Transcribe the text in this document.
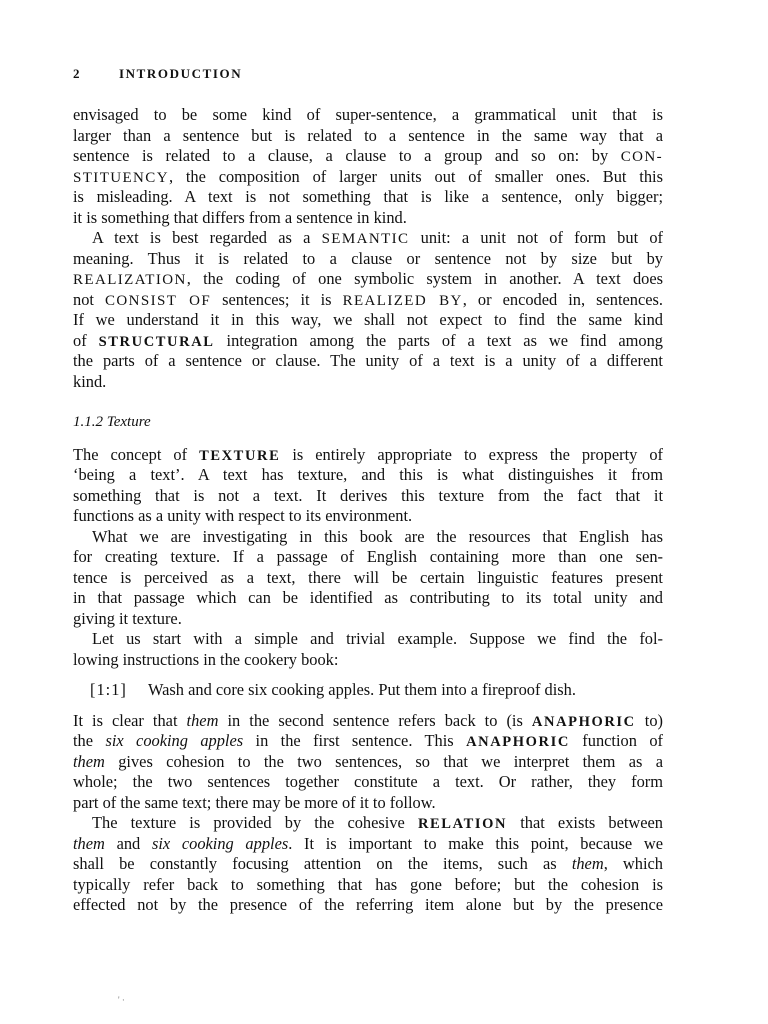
2	INTRODUCTION
envisaged to be some kind of super-sentence, a grammatical unit that is
larger than a sentence but is related to a sentence in the same way that a
sentence is related to a clause, a clause to a group and so on: by CON-
STITUENCY, the composition of larger units out of smaller ones. But this
is misleading. A text is not something that is like a sentence, only bigger;
it is something that differs from a sentence in kind.
A text is best regarded as a SEMANTIC unit: a unit not of form but of
meaning. Thus it is related to a clause or sentence not by size but by
REALIZATION, the coding of one symbolic system in another. A text does
not CONSIST OF sentences; it is REALIZED BY, or encoded in, sentences.
If we understand it in this way, we shall not expect to find the same kind
of STRUCTURAL integration among the parts of a text as we find among
the parts of a sentence or clause. The unity of a text is a unity of a different
kind.
1.1.2 Texture
The concept of TEXTURE is entirely appropriate to express the property of
‘being a text’. A text has texture, and this is what distinguishes it from
something that is not a text. It derives this texture from the fact that it
functions as a unity with respect to its environment.
What we are investigating in this book are the resources that English has
for creating texture. If a passage of English containing more than one sen-
tence is perceived as a text, there will be certain linguistic features present
in that passage which can be identified as contributing to its total unity and
giving it texture.
Let us start with a simple and trivial example. Suppose we find the fol-
lowing instructions in the cookery book:
[1:1] Wash and core six cooking apples. Put them into a fireproof dish.
It is clear that them in the second sentence refers back to (is ANAPHORIC to)
the six cooking apples in the first sentence. This ANAPHORIC function of
them gives cohesion to the two sentences, so that we interpret them as a
whole; the two sentences together constitute a text. Or rather, they form
part of the same text; there may be more of it to follow.
The texture is provided by the cohesive RELATION that exists between
them and six cooking apples. It is important to make this point, because we
shall be constantly focusing attention on the items, such as them, which
typically refer back to something that has gone before; but the cohesion is
effected not by the presence of the referring item alone but by the presence
' ·
